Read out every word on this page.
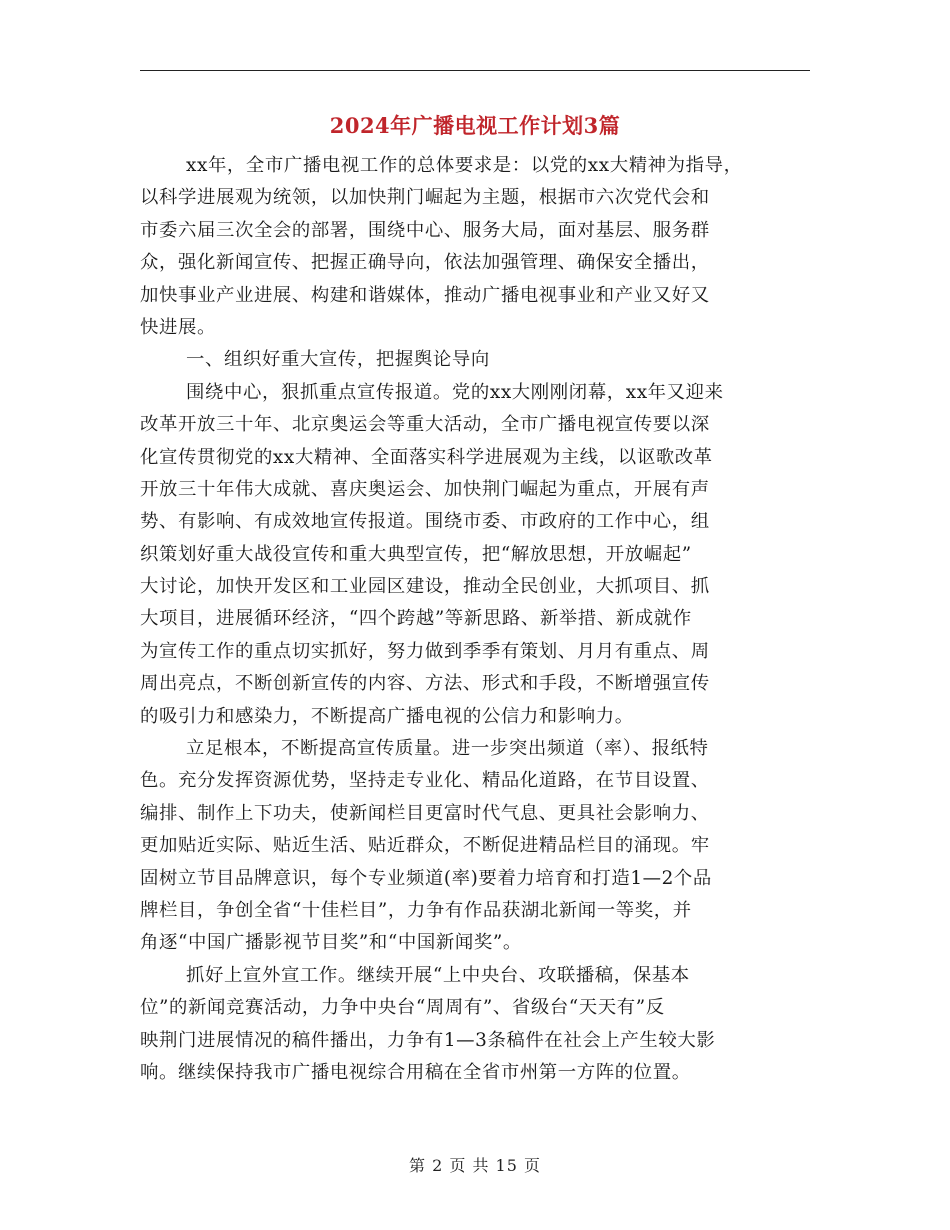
2024年广播电视工作计划3篇
xx年，全市广播电视工作的总体要求是：以党的xx大精神为指导，
以科学进展观为统领，以加快荆门崛起为主题，根据市六次党代会和
市委六届三次全会的部署，围绕中心、服务大局，面对基层、服务群
众，强化新闻宣传、把握正确导向，依法加强管理、确保安全播出，
加快事业产业进展、构建和谐媒体，推动广播电视事业和产业又好又
快进展。
一、组织好重大宣传，把握舆论导向
围绕中心，狠抓重点宣传报道。党的xx大刚刚闭幕，xx年又迎来
改革开放三十年、北京奥运会等重大活动，全市广播电视宣传要以深
化宣传贯彻党的xx大精神、全面落实科学进展观为主线，以讴歌改革
开放三十年伟大成就、喜庆奥运会、加快荆门崛起为重点，开展有声
势、有影响、有成效地宣传报道。围绕市委、市政府的工作中心，组
织策划好重大战役宣传和重大典型宣传，把“解放思想，开放崛起”
大讨论，加快开发区和工业园区建设，推动全民创业，大抓项目、抓
大项目，进展循环经济，“四个跨越”等新思路、新举措、新成就作
为宣传工作的重点切实抓好，努力做到季季有策划、月月有重点、周
周出亮点，不断创新宣传的内容、方法、形式和手段，不断增强宣传
的吸引力和感染力，不断提高广播电视的公信力和影响力。
立足根本，不断提高宣传质量。进一步突出频道（率）、报纸特
色。充分发挥资源优势，坚持走专业化、精品化道路，在节目设置、
编排、制作上下功夫，使新闻栏目更富时代气息、更具社会影响力、
更加贴近实际、贴近生活、贴近群众，不断促进精品栏目的涌现。牢
固树立节目品牌意识，每个专业频道(率)要着力培育和打造1—2个品
牌栏目，争创全省“十佳栏目”，力争有作品获湖北新闻一等奖，并
角逐“中国广播影视节目奖”和“中国新闻奖”。
抓好上宣外宣工作。继续开展“上中央台、攻联播稿，保基本
位”的新闻竞赛活动，力争中央台“周周有”、省级台“天天有”反
映荆门进展情况的稿件播出，力争有1—3条稿件在社会上产生较大影
响。继续保持我市广播电视综合用稿在全省市州第一方阵的位置。
第 2 页 共 15 页
